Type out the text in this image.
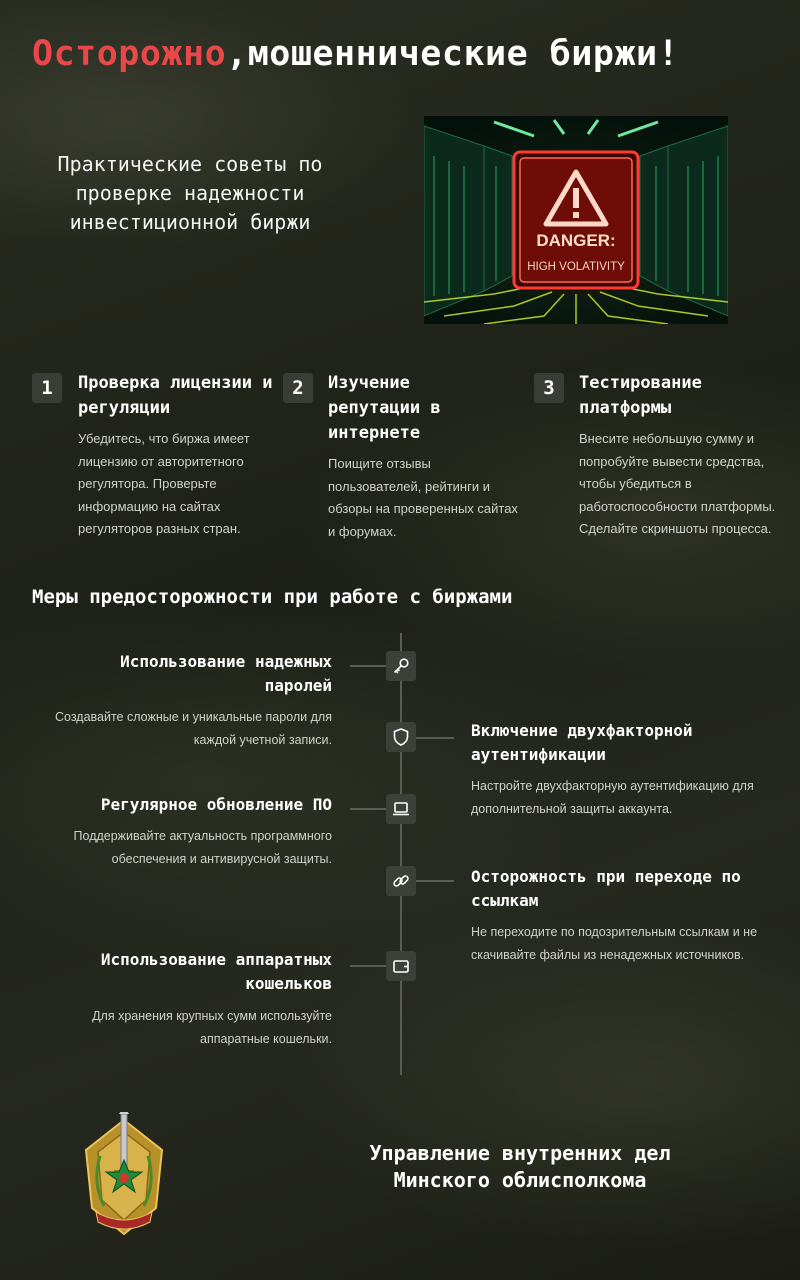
Осторожно,мошеннические биржи!
Практические советы по проверке надежности инвестиционной биржи
DANGER:
HIGH VOLATIVITY
1	Проверка лицензии и регуляции
Убедитесь, что биржа имеет лицензию от авторитетного регулятора. Проверьте информацию на сайтах регуляторов разных стран.
2	Изучение репутации в интернете
Поищите отзывы пользователей, рейтинги и обзоры на проверенных сайтах и форумах.
3	Тестирование платформы
Внесите небольшую сумму и попробуйте вывести средства, чтобы убедиться в работоспособности платформы. Сделайте скриншоты процесса.
Меры предосторожности при работе с биржами
Использование надежных паролей
Создавайте сложные и уникальные пароли для каждой учетной записи.	Включение двухфакторной аутентификации
Настройте двухфакторную аутентификацию для дополнительной защиты аккаунта.
Регулярное обновление ПО
Поддерживайте актуальность программного обеспечения и антивирусной защиты.
Осторожность при переходе по ссылкам
Не переходите по подозрительным ссылкам и не скачивайте файлы из ненадежных источников.
Использование аппаратных кошельков
Для хранения крупных сумм используйте аппаратные кошельки.
Управление внутренних дел Минского облисполкома
